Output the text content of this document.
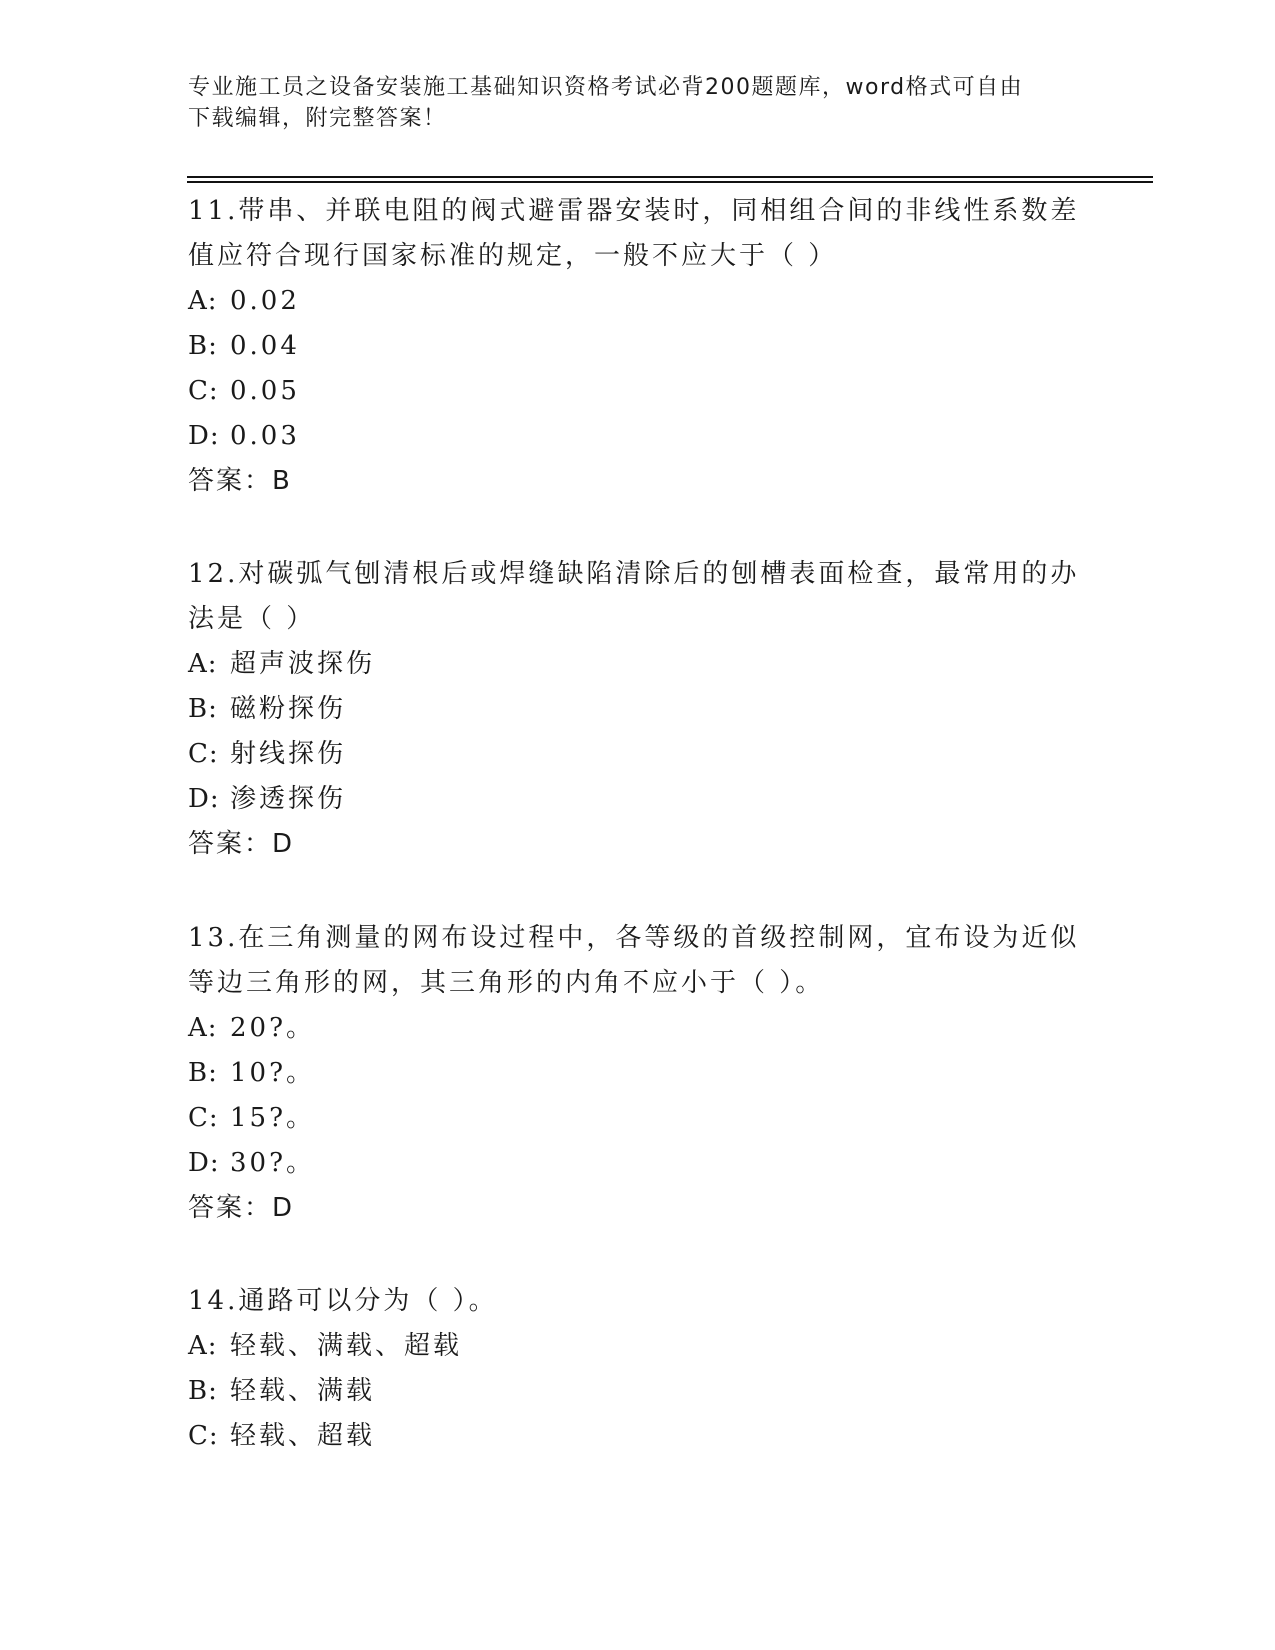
专业施工员之设备安装施工基础知识资格考试必背200题题库，word格式可自由
下载编辑，附完整答案！

11.带串、并联电阻的阀式避雷器安装时，同相组合间的非线性系数差

值应符合现行国家标准的规定，一般不应大于（ ）

A: 0.02

B: 0.04

C: 0.05

D: 0.03

答案：B

12.对碳弧气刨清根后或焊缝缺陷清除后的刨槽表面检查，最常用的办

法是（ ）

A: 超声波探伤

B: 磁粉探伤

C: 射线探伤

D: 渗透探伤

答案：D

13.在三角测量的网布设过程中，各等级的首级控制网，宜布设为近似

等边三角形的网，其三角形的内角不应小于（ ）。

A: 20?。

B: 10?。

C: 15?。

D: 30?。

答案：D

14.通路可以分为（ ）。

A: 轻载、满载、超载

B: 轻载、满载

C: 轻载、超载
